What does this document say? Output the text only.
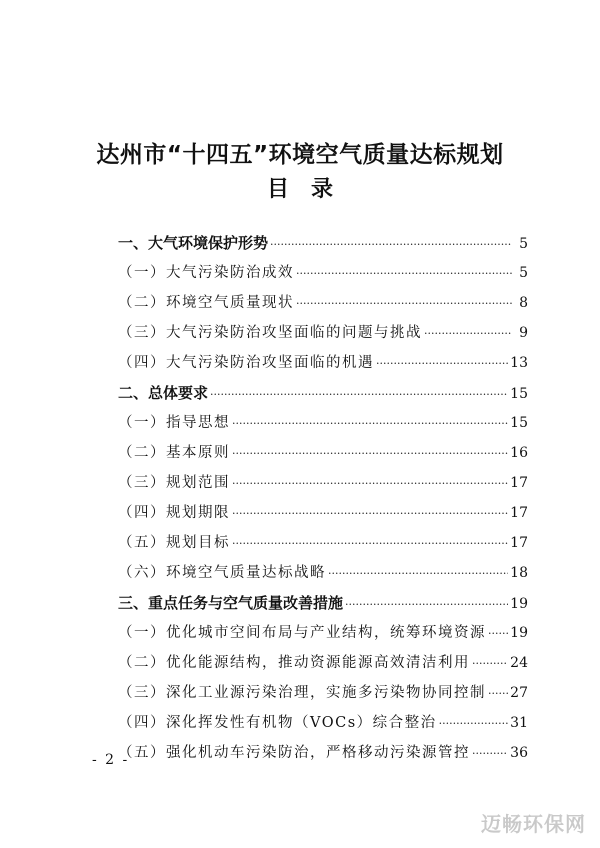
达州市“十四五”环境空气质量达标规划
目 录
一、大气环境保护形势 ·····	5
（一）大气污染防治成效 ·····	5
（二）环境空气质量现状 ·····	8
（三）大气污染防治攻坚面临的问题与挑战 ·····	9
（四）大气污染防治攻坚面临的机遇 ·····	13
二、总体要求 ·····	15
（一）指导思想 ·····	15
（二）基本原则 ·····	16
（三）规划范围 ·····	17
（四）规划期限 ·····	17
（五）规划目标 ·····	17
（六）环境空气质量达标战略 ·····	18
三、重点任务与空气质量改善措施 ·····	19
（一）优化城市空间布局与产业结构，统筹环境资源 ····· 19
（二）优化能源结构，推动资源能源高效清洁利用 ·····	24
（三）深化工业源污染治理，实施多污染物协同控制 ····· 27
（四）深化挥发性有机物（VOCs）综合整治 ·····	31
（五）强化机动车污染防治，严格移动污染源管控 ·····	36
- 2 -
迈畅环保网
